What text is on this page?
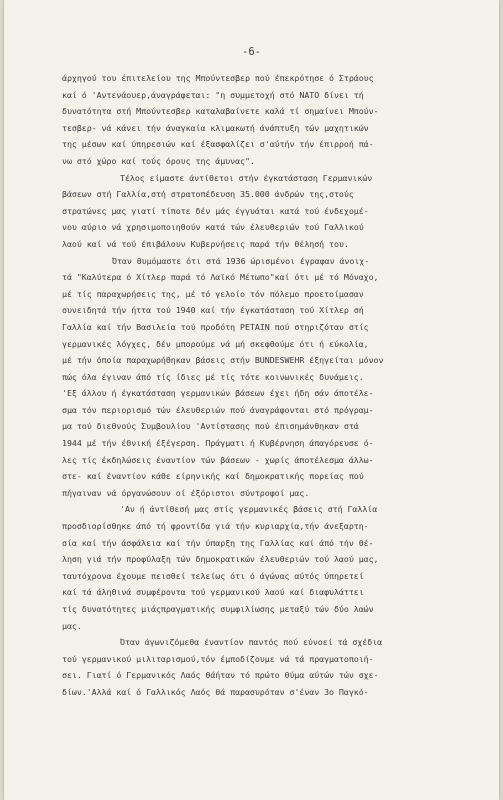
-6-
άρχηγού του έπιτελείου της Μπούντεσβερ πού έπεκρότησε ό Στράους
καί ό 'Αντενάουερ,άναγράφεται: "η συμμετοχή στό ΝΑΤΟ δίνει τή
δυνατότητα στή Μπούντεσβερ καταλαβαίνετε καλά τί σημαίνει Μπούν-
τεσβερ- νά κάνει τήν άναγκαία κλιμακωτή άνάπτυξη τών μαχητικών
της μέσων καί ύπηρεσιών καί έξασφαλίζει σ'αύτήν τήν έπιρροή πά-
νω στό χώρο καί τούς όρους της άμυνας".
Τέλος είμαστε άντίθετοι στήν έγκατάσταση Γερμανικών
βάσεων στή Γαλλία,στή στρατοπέδευση 35.000 άνδρών της,στούς
στρατώνες μας γιατί τίποτε δέν μάς έγγυάται κατά τού ένδεχομέ-
νου αύριο νά χρησιμοποιηθούν κατά τών έλευθεριών τού Γαλλικού
λαού καί νά τού έπιβάλουν Κυβερνήσεις παρά τήν θέλησή του.
Όταν θυμόμαστε ότι στά 1936 ώρισμένοι έγραφαν άνοιχ-
τά "Καλύτερα ό Χίτλερ παρά τό Λαϊκό Μέτωπο"καί ότι μέ τό Μόναχο,
μέ τίς παραχωρήσεις της, μέ τό γελοίο τόν πόλεμο προετοίμασαν
συνειδητά τήν ήττα τού 1940 καί τήν έγκατάσταση τού Χίτλερ σή
Γαλλία καί τήν Βασιλεία τού προδότη PETAIN πού στηριζόταν στίς
γερμανικές λόγχες, δέν μπορούμε νά μή σκεφθούμε ότι ή εύκολία,
μέ τήν όποία παραχωρήθηκαν βάσεις στήν BUNDESWEHR έξηγείται μόνον
πώς όλα έγιναν άπό τίς ίδιες μέ τίς τότε κοινωνικές δυνάμεις.
'Εξ άλλου ή έγκατάσταση γερμανικών βάσεων έχει ήδη σάν άποτέλε-
σμα τόν περιορισμό τών έλευθεριών πού άναγράφονται στό πρόγραμ-
μα τού διεθνούς Συμβουλίου 'Αντίστασης πού έπισημάνθηκαν στά
1944 μέ τήν έθνική έξέγερση. Πράγματι ή Κυβέρνηση άπαγόρευσε ό-
λες τίς έκδηλώσεις έναντίον τών βάσεων - χωρίς άποτέλεσμα άλλω-
στε- καί έναντίον κάθε είρηνικής καί δημοκρατικής πορείας πού
πήγαιναν νά όργανώσουν οί έξόριστοι σύντροφοί μας.
'Αν ή άντίθεσή μας στίς γερμανικές βάσεις στή Γαλλία
προσδιορίσθηκε άπό τή φροντίδα γιά τήν κυριαρχία,τήν άνεξαρτη-
σία καί τήν άσφάλεια καί τήν ύπαρξη της Γαλλίας καί άπό τήν θέ-
ληση γιά τήν προφύλαξη τών δημοκρατικών έλευθεριών τού λαού μας,
ταυτόχρονα έχουμε πεισθεί τελείως ότι ό άγώνας αύτός ύπηρετεί
καί τά άληθινά συμφέροντα τού γερμανικού λαού καί διαφυλάττει
τίς δυνατότητες μιάςπραγματικής συμφιλίωσης μεταξύ τών δύο λαών
μας.
Όταν άγωνιζόμεθα έναντίον παντός πού εύνοεί τά σχέδια
τού γερμανικού μιλιταρισμού,τόν έμποδίζουμε νά τά πραγματοποιή-
σει. Γιατί ό Γερμανικός Λαός θάήταν τό πρώτο θύμα αύτών τών σχε-
δίων.'Αλλά καί ό Γαλλικός Λαός θά παρασυρόταν σ'έναν 3ο Παγκό-
